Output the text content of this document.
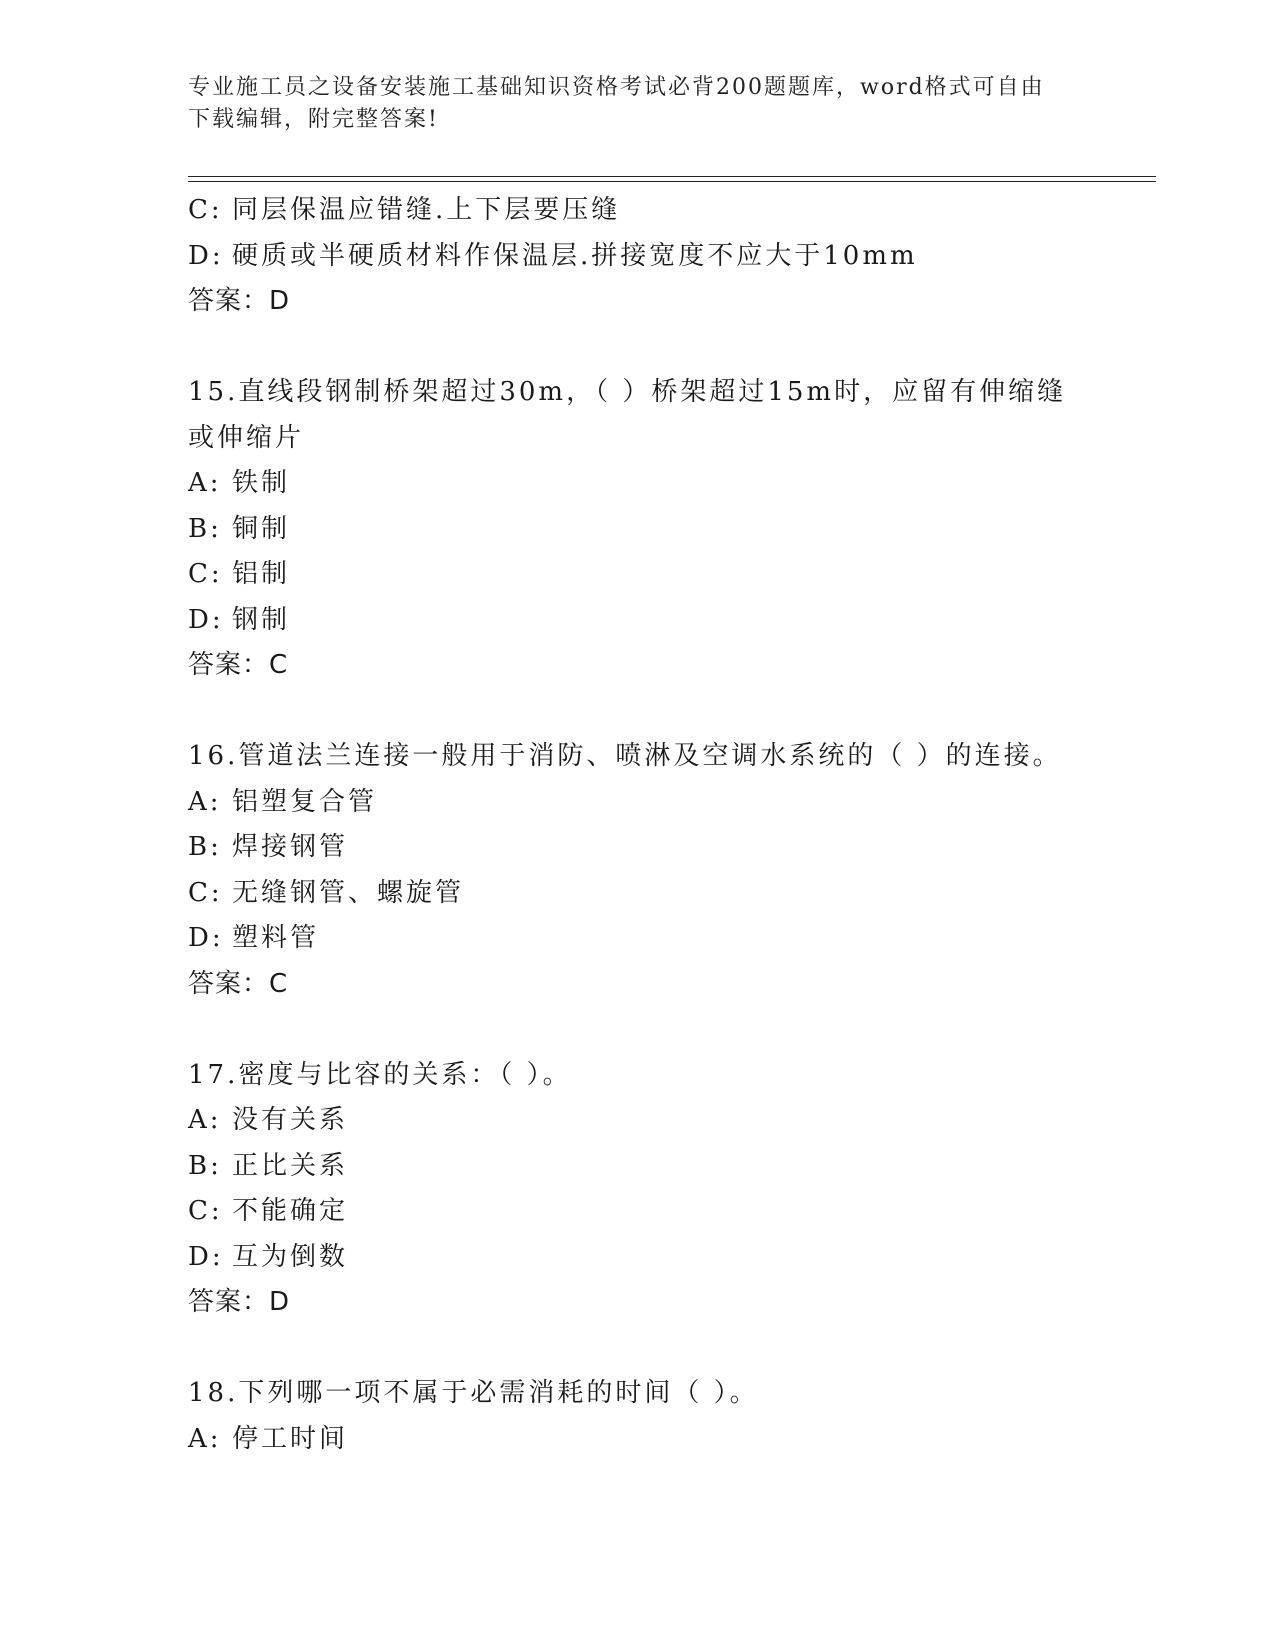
专业施工员之设备安装施工基础知识资格考试必背200题题库，word格式可自由下载编辑，附完整答案!
C: 同层保温应错缝.上下层要压缝
D: 硬质或半硬质材料作保温层.拼接宽度不应大于10mm
答案：D
15.直线段钢制桥架超过30m，（ ）桥架超过15m时，应留有伸缩缝或伸缩片
A: 铁制
B: 铜制
C: 铝制
D: 钢制
答案：C
16.管道法兰连接一般用于消防、喷淋及空调水系统的（ ）的连接。
A: 铝塑复合管
B: 焊接钢管
C: 无缝钢管、螺旋管
D: 塑料管
答案：C
17.密度与比容的关系：（ ）。
A: 没有关系
B: 正比关系
C: 不能确定
D: 互为倒数
答案：D
18.下列哪一项不属于必需消耗的时间（ ）。
A: 停工时间
